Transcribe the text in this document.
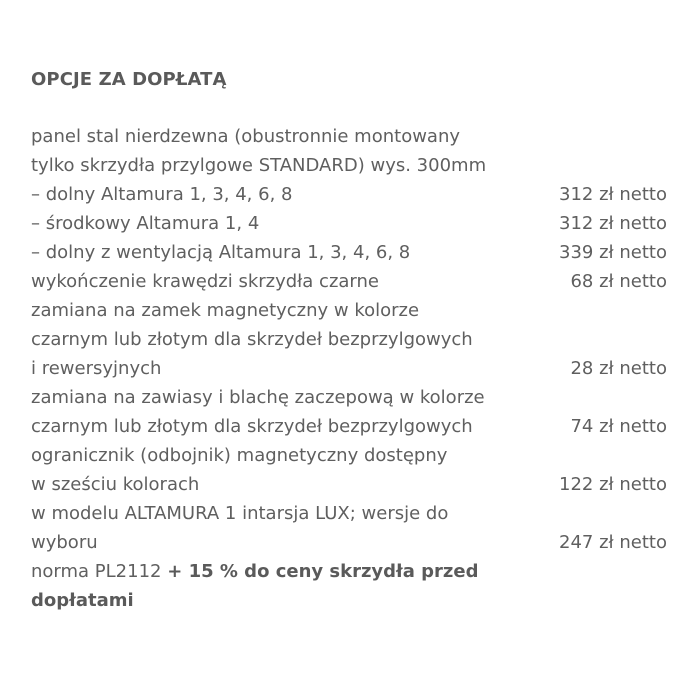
OPCJE ZA DOPŁATĄ
panel stal nierdzewna (obustronnie montowany
tylko skrzydła przylgowe STANDARD) wys. 300mm
– dolny Altamura 1, 3, 4, 6, 8	312 zł netto
– środkowy Altamura 1, 4	312 zł netto
– dolny z wentylacją Altamura 1, 3, 4, 6, 8	339 zł netto
wykończenie krawędzi skrzydła czarne	68 zł netto
zamiana na zamek magnetyczny w kolorze
czarnym lub złotym dla skrzydeł bezprzylgowych
i rewersyjnych	28 zł netto
zamiana na zawiasy i blachę zaczepową w kolorze
czarnym lub złotym dla skrzydeł bezprzylgowych	74 zł netto
ogranicznik (odbojnik) magnetyczny dostępny
w sześciu kolorach	122 zł netto
w modelu ALTAMURA 1 intarsja LUX; wersje do
wyboru	247 zł netto
norma PL2112 + 15 % do ceny skrzydła przed
dopłatami
